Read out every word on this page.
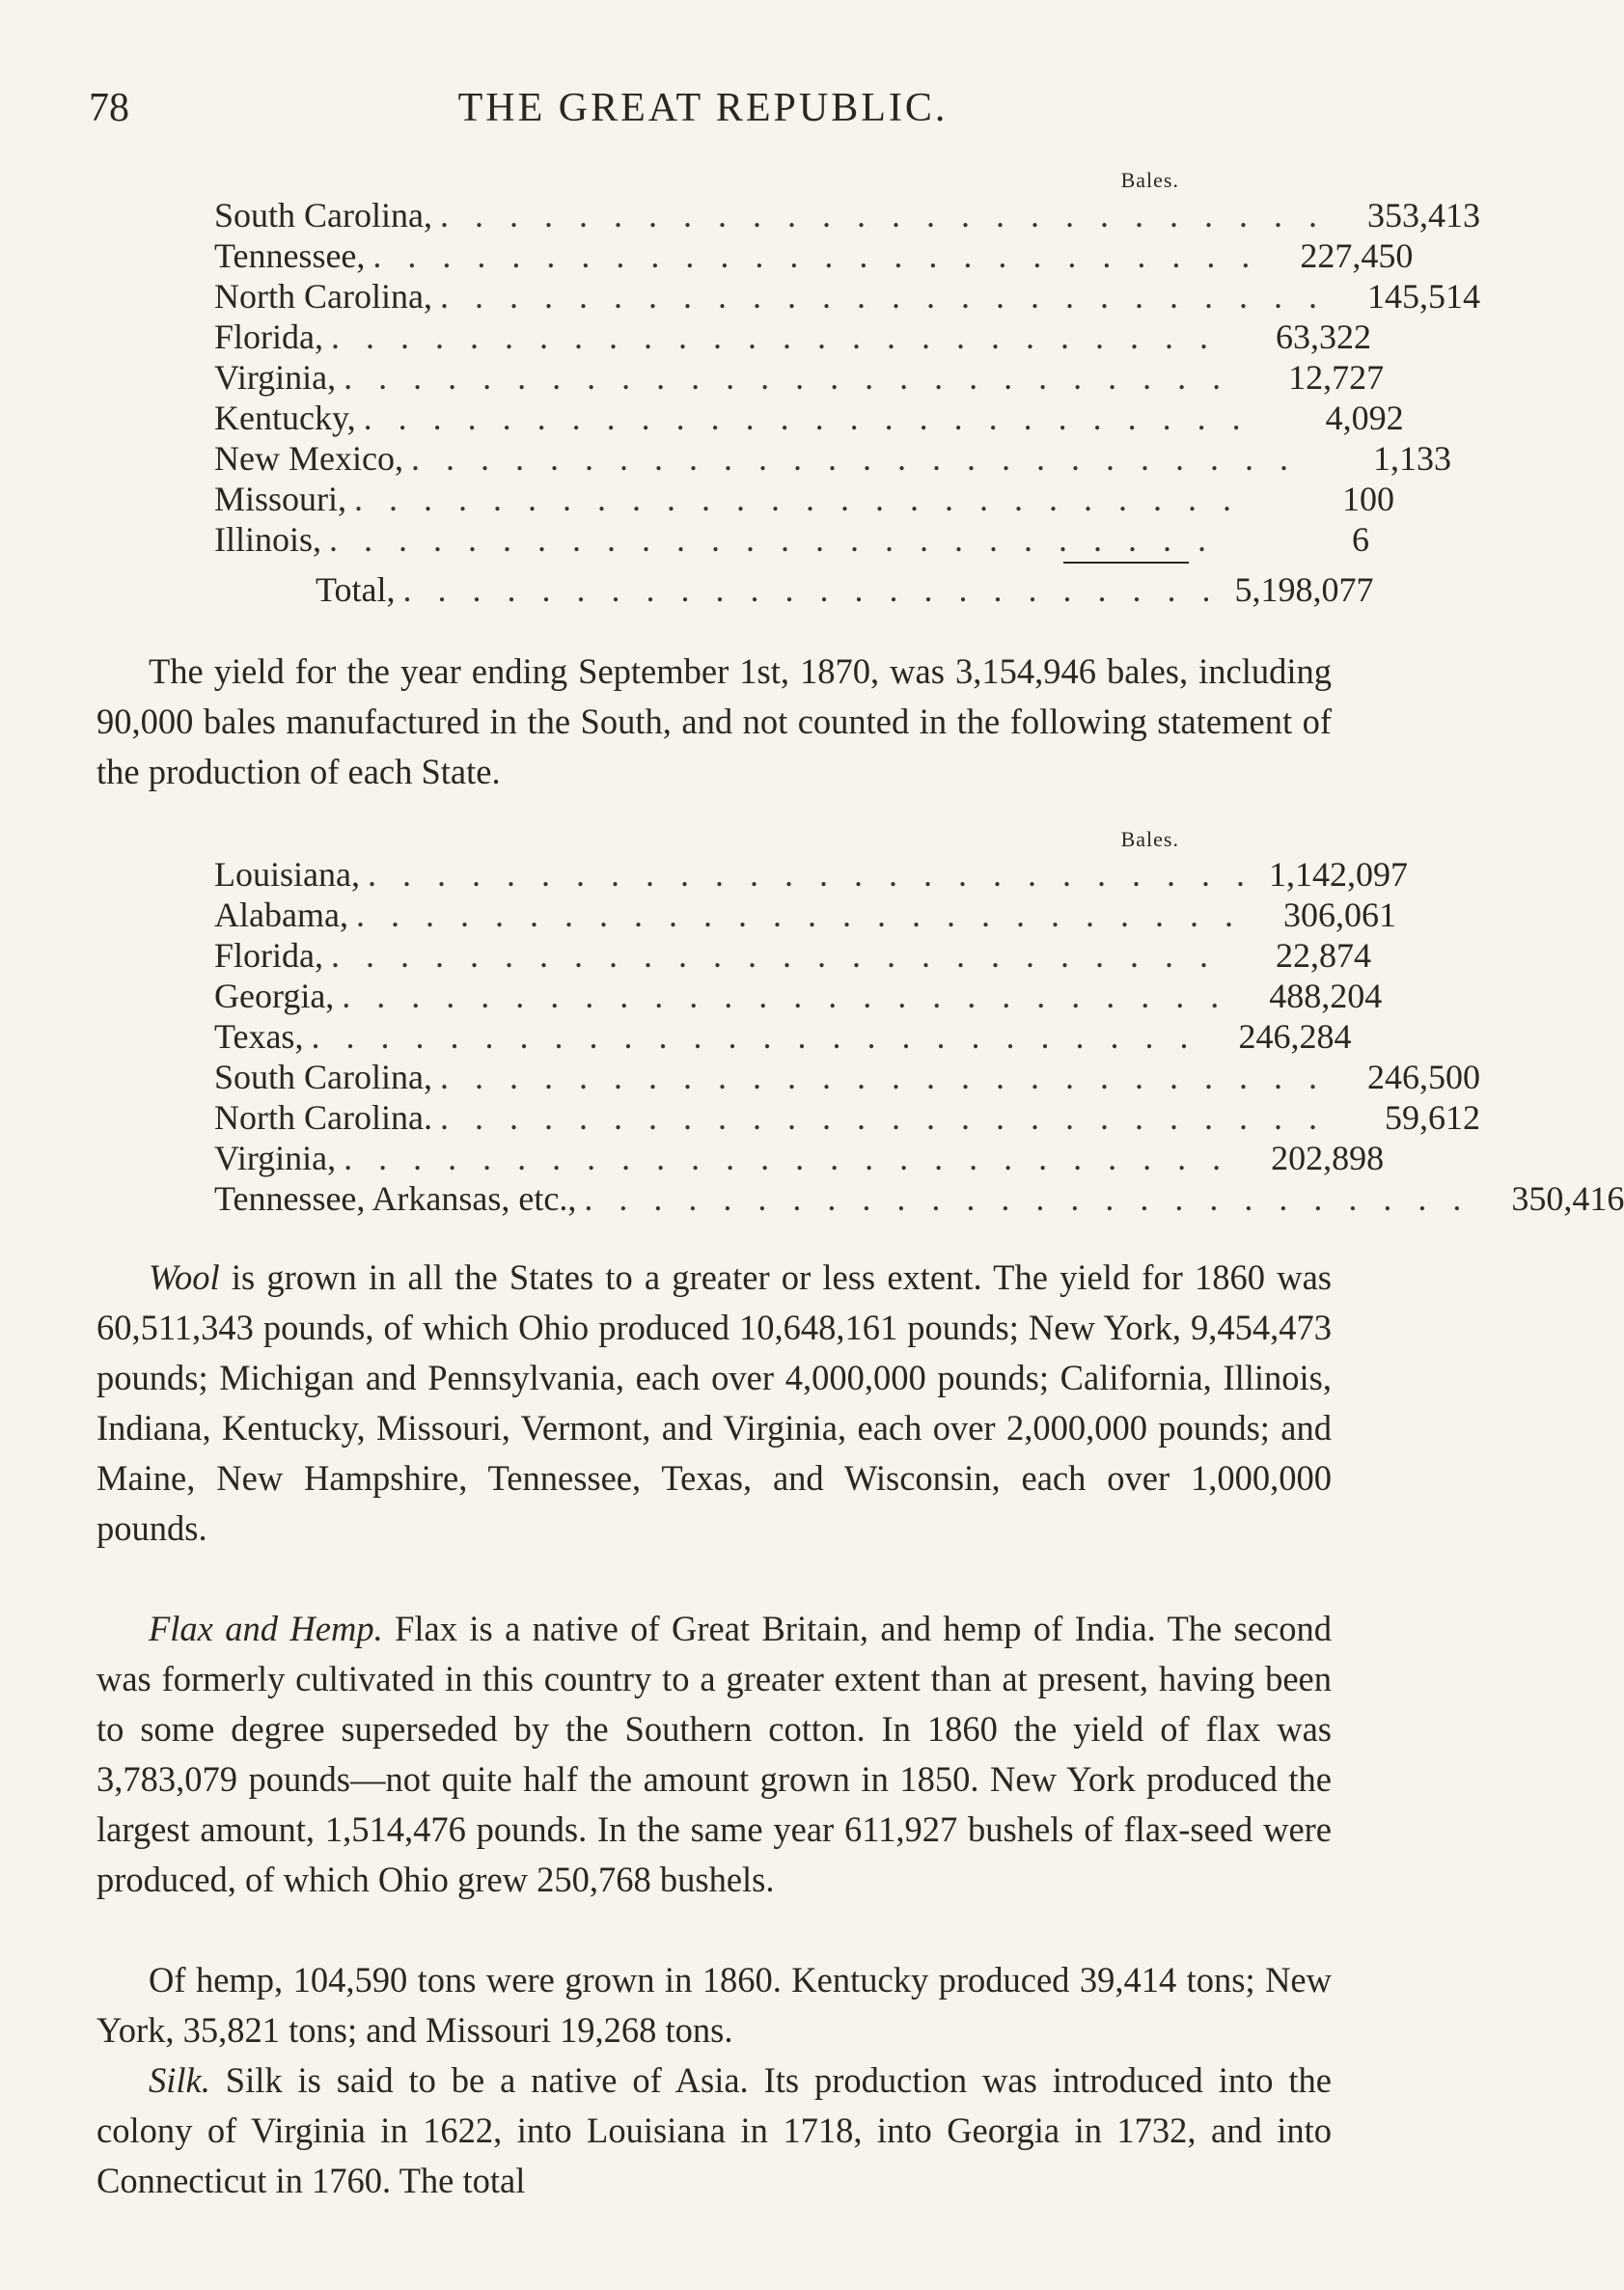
78	THE GREAT REPUBLIC.
Bales.
South Carolina, . . . . . . . . . . . . . . . . . . . . . . . . . .	353,413
Tennessee, . . . . . . . . . . . . . . . . . . . . . . . . . .	227,450
North Carolina, . . . . . . . . . . . . . . . . . . . . . . . . . .	145,514
Florida, . . . . . . . . . . . . . . . . . . . . . . . . . .	63,322
Virginia, . . . . . . . . . . . . . . . . . . . . . . . . . .	12,727
Kentucky, . . . . . . . . . . . . . . . . . . . . . . . . . .	4,092
New Mexico, . . . . . . . . . . . . . . . . . . . . . . . . . .	1,133
Missouri, . . . . . . . . . . . . . . . . . . . . . . . . . .	100
Illinois, . . . . . . . . . . . . . . . . . . . . . . . . . .	6
Total, . . . . . . . . . . . . . . . . . . . . . . . . 5,198,077

The yield for the year ending September 1st, 1870, was 3,154,946 bales, including 90,000 bales manufactured in the South, and not counted in the following statement of the production of each State.

Bales.
Louisiana, . . . . . . . . . . . . . . . . . . . . . . . . . . 1,142,097
Alabama, . . . . . . . . . . . . . . . . . . . . . . . . . .	306,061
Florida, . . . . . . . . . . . . . . . . . . . . . . . . . .	22,874
Georgia, . . . . . . . . . . . . . . . . . . . . . . . . . .	488,204
Texas, . . . . . . . . . . . . . . . . . . . . . . . . . .	246,284
South Carolina, . . . . . . . . . . . . . . . . . . . . . . . . . .	246,500
North Carolina. . . . . . . . . . . . . . . . . . . . . . . . . . .	59,612
Virginia, . . . . . . . . . . . . . . . . . . . . . . . . . .	202,898
Tennessee, Arkansas, etc., . . . . . . . . . . . . . . . . . . . . . . . . . .	350,416

Wool is grown in all the States to a greater or less extent. The yield for 1860 was 60,511,343 pounds, of which Ohio produced 10,648,161 pounds; New York, 9,454,473 pounds; Michigan and Pennsylvania, each over 4,000,000 pounds; California, Illinois, Indiana, Kentucky, Missouri, Vermont, and Virginia, each over 2,000,000 pounds; and Maine, New Hampshire, Tennessee, Texas, and Wisconsin, each over 1,000,000 pounds.

Flax and Hemp. Flax is a native of Great Britain, and hemp of India. The second was formerly cultivated in this country to a greater extent than at present, having been to some degree superseded by the Southern cotton. In 1860 the yield of flax was 3,783,079 pounds—not quite half the amount grown in 1850. New York produced the largest amount, 1,514,476 pounds. In the same year 611,927 bushels of flax-seed were produced, of which Ohio grew 250,768 bushels.

Of hemp, 104,590 tons were grown in 1860. Kentucky produced 39,414 tons; New York, 35,821 tons; and Missouri 19,268 tons.

Silk. Silk is said to be a native of Asia. Its production was introduced into the colony of Virginia in 1622, into Louisiana in 1718, into Georgia in 1732, and into Connecticut in 1760. The total
